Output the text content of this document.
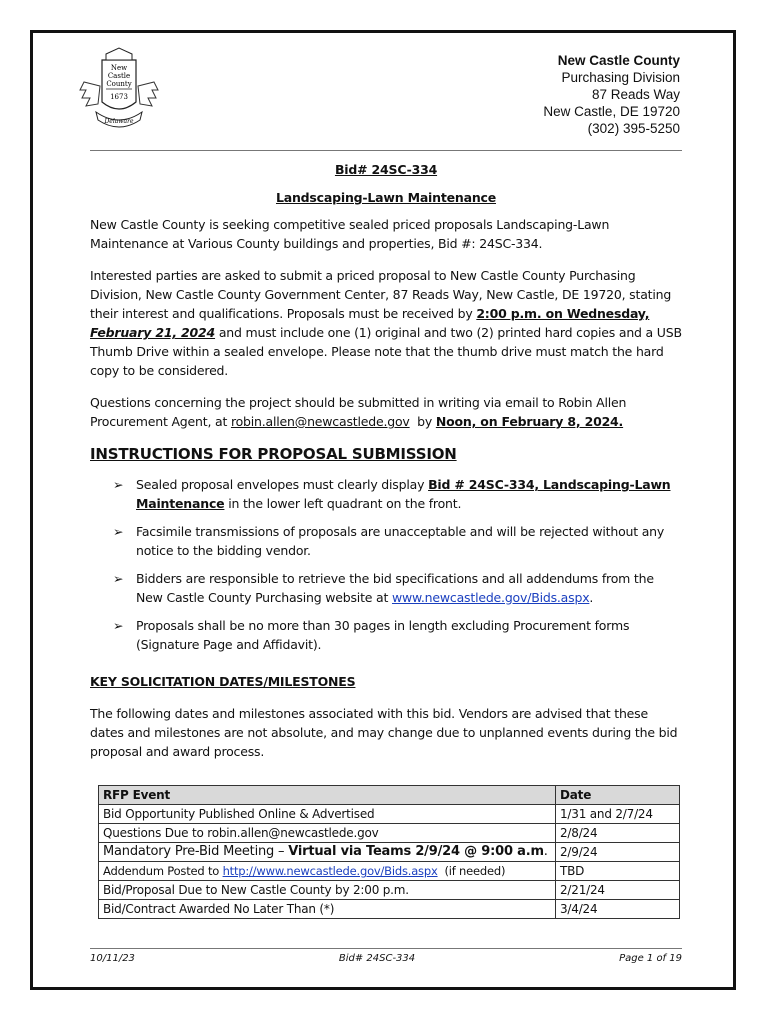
New
Castle
County
1673
Delaware
New Castle County
Purchasing Division
87 Reads Way
New Castle, DE 19720
(302) 395-5250

Bid# 24SC-334

Landscaping-Lawn Maintenance

New Castle County is seeking competitive sealed priced proposals Landscaping-Lawn Maintenance at Various County buildings and properties, Bid #: 24SC-334.

Interested parties are asked to submit a priced proposal to New Castle County Purchasing Division, New Castle County Government Center, 87 Reads Way, New Castle, DE 19720, stating their interest and qualifications. Proposals must be received by 2:00 p.m. on Wednesday, February 21, 2024 and must include one (1) original and two (2) printed hard copies and a USB Thumb Drive within a sealed envelope. Please note that the thumb drive must match the hard copy to be considered.

Questions concerning the project should be submitted in writing via email to Robin Allen Procurement Agent, at robin.allen@newcastlede.gov  by Noon, on February 8, 2024.

INSTRUCTIONS FOR PROPOSAL SUBMISSION

➢ Sealed proposal envelopes must clearly display Bid # 24SC-334, Landscaping-Lawn Maintenance in the lower left quadrant on the front.
➢ Facsimile transmissions of proposals are unacceptable and will be rejected without any notice to the bidding vendor.
➢ Bidders are responsible to retrieve the bid specifications and all addendums from the New Castle County Purchasing website at www.newcastlede.gov/Bids.aspx.
➢ Proposals shall be no more than 30 pages in length excluding Procurement forms (Signature Page and Affidavit).

KEY SOLICITATION DATES/MILESTONES

The following dates and milestones associated with this bid. Vendors are advised that these dates and milestones are not absolute, and may change due to unplanned events during the bid proposal and award process.

RFP Event	Date
Bid Opportunity Published Online & Advertised	1/31 and 2/7/24
Questions Due to robin.allen@newcastlede.gov	2/8/24
Mandatory Pre-Bid Meeting – Virtual via Teams 2/9/24 @ 9:00 a.m.	2/9/24
Addendum Posted to http://www.newcastlede.gov/Bids.aspx  (if needed)	TBD
Bid/Proposal Due to New Castle County by 2:00 p.m.	2/21/24
Bid/Contract Awarded No Later Than (*)	3/4/24
10/11/23	Bid# 24SC-334	Page 1 of 19
